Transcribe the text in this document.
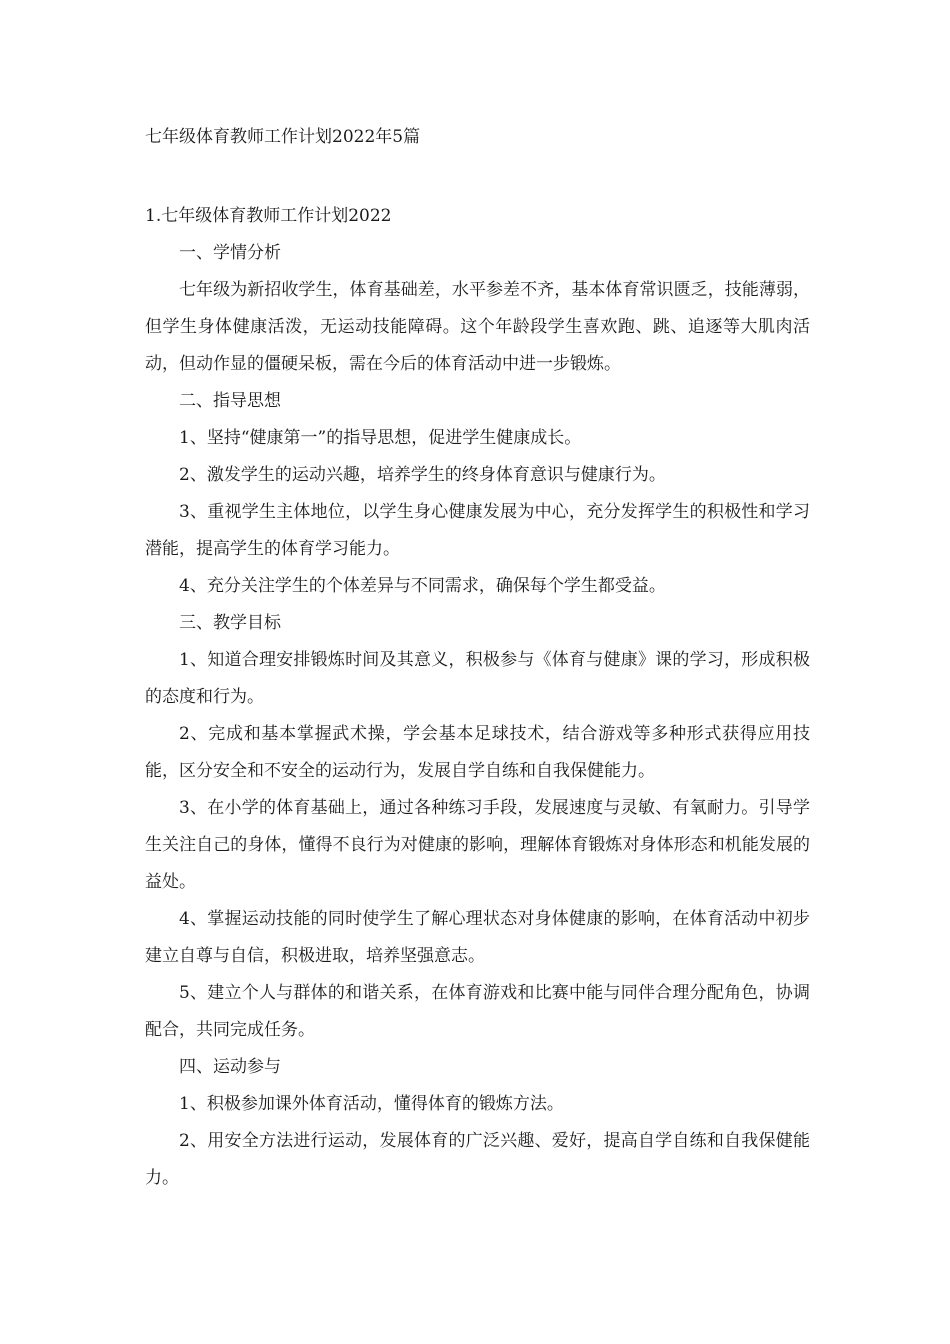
七年级体育教师工作计划2022年5篇
1.七年级体育教师工作计划2022
一、学情分析
七年级为新招收学生，体育基础差，水平参差不齐，基本体育常识匮乏，技能薄弱，但学生身体健康活泼，无运动技能障碍。这个年龄段学生喜欢跑、跳、追逐等大肌肉活动，但动作显的僵硬呆板，需在今后的体育活动中进一步锻炼。
二、指导思想
1、坚持“健康第一”的指导思想，促进学生健康成长。
2、激发学生的运动兴趣，培养学生的终身体育意识与健康行为。
3、重视学生主体地位，以学生身心健康发展为中心，充分发挥学生的积极性和学习潜能，提高学生的体育学习能力。
4、充分关注学生的个体差异与不同需求，确保每个学生都受益。
三、教学目标
1、知道合理安排锻炼时间及其意义，积极参与《体育与健康》课的学习，形成积极的态度和行为。
2、完成和基本掌握武术操，学会基本足球技术，结合游戏等多种形式获得应用技能，区分安全和不安全的运动行为，发展自学自练和自我保健能力。
3、在小学的体育基础上，通过各种练习手段，发展速度与灵敏、有氧耐力。引导学生关注自己的身体，懂得不良行为对健康的影响，理解体育锻炼对身体形态和机能发展的益处。
4、掌握运动技能的同时使学生了解心理状态对身体健康的影响，在体育活动中初步建立自尊与自信，积极进取，培养坚强意志。
5、建立个人与群体的和谐关系，在体育游戏和比赛中能与同伴合理分配角色，协调配合，共同完成任务。
四、运动参与
1、积极参加课外体育活动，懂得体育的锻炼方法。
2、用安全方法进行运动，发展体育的广泛兴趣、爱好，提高自学自练和自我保健能力。
